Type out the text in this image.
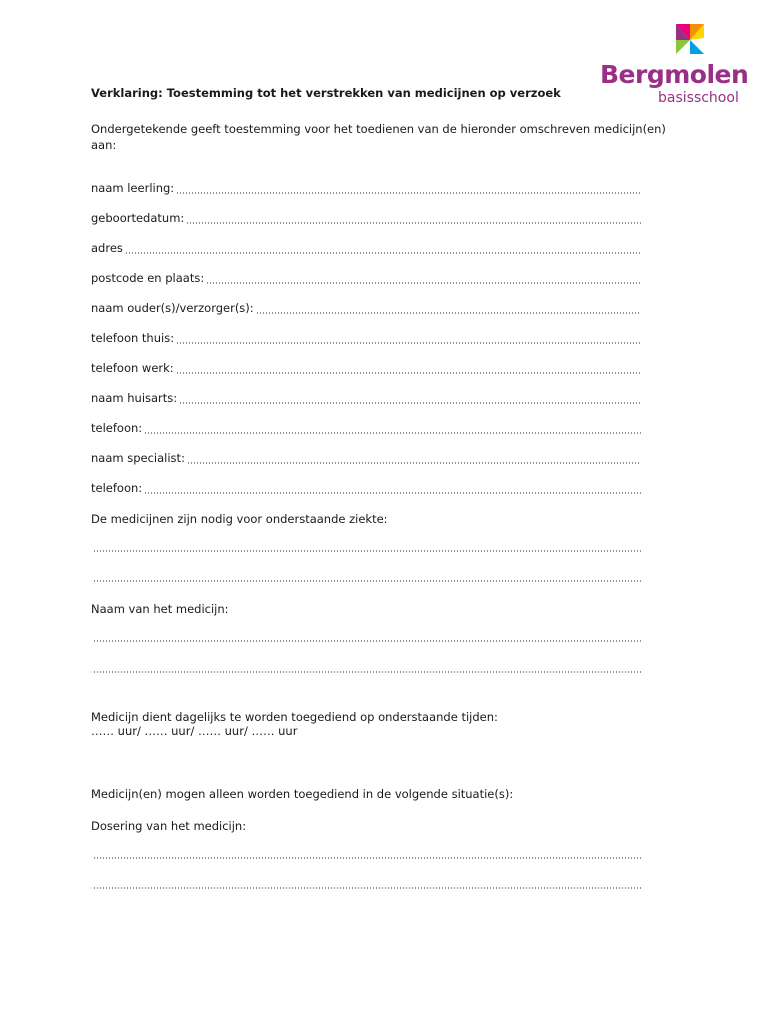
Bergmolen
basisschool
Verklaring: Toestemming tot het verstrekken van medicijnen op verzoek
Ondergetekende geeft toestemming voor het toedienen van de hieronder omschreven medicijn(en) aan:
naam leerling:
geboortedatum:
adres
postcode en plaats:
naam ouder(s)/verzorger(s):
telefoon thuis:
telefoon werk:
naam huisarts:
telefoon:
naam specialist:
telefoon:
De medicijnen zijn nodig voor onderstaande ziekte:
Naam van het medicijn:
Medicijn dient dagelijks te worden toegediend op onderstaande tijden:
…… uur/ …… uur/ …… uur/ …… uur
Medicijn(en) mogen alleen worden toegediend in de volgende situatie(s):
Dosering van het medicijn:
